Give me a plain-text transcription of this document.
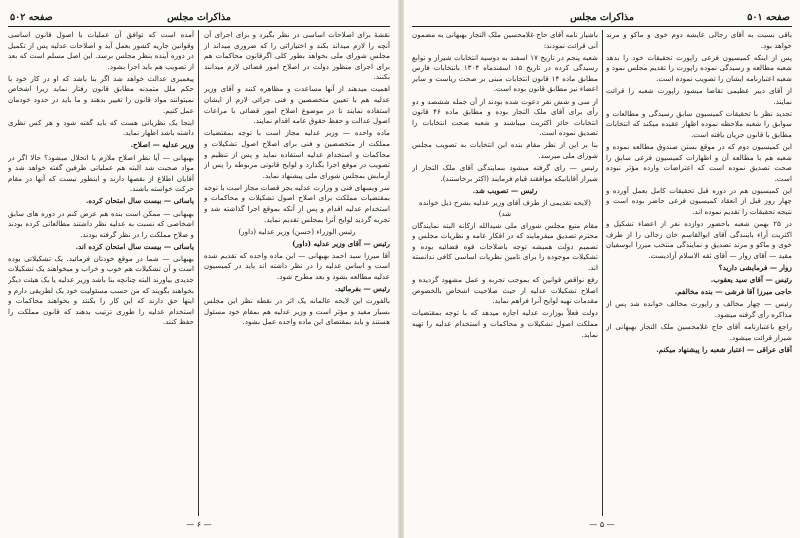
مذاکرات مجلس
صفحه ۵۰۲

نقشهٔ برای اصلاحات اساسی در نظر بگیرد و برای اجرای آن آنچه را لازم میداند بکند و اختیاراتی را که ضروری میداند از مجلس شورای ملی بخواهد بطور کلی اگرقانون محاکمات هم برای اجرای منظور دولت در اصلاح امور قضائی لازم میدانند بکنند.

اهمیت میدهند از آنها مساعدت و مظاهره کنند و آقای وزیر عدلیه هم با تعیین متخصصین و فنی جرائی لازم از ایشان استفاده نمایند تا در موضوع اصلاح امور قضائی با مراعات اصول عدالت و حفظ حقوق عامه اقدام نمایند.

ماده واحده — وزیر عدلیه مجاز است با توجه بمقتضیات مملکت از متخصصین و فنی برای اصلاح اصول تشکیلات و محاکمات و استخدام عدلیه استفاده نماید و پس از تنظیم و تصویب در موقع اجرا بگذارد و لوایح قانونی مربوطه را پس از آزمایش بمجلس شورای ملی پیشنهاد نماید.

سر ویسهای فنی و وزارت عدلیه بجز قضات مجاز است با توجه بمقتضیات مملکت برای اصلاح اصول تشکیلات و محاکمات و استخدام عدلیه اقدام و پس از آنکه بموقع اجرا گذاشته شد و تجربه گردید لوایح آنرا بمجلس تقدیم نماید.

رئیس الوزراء (حسن) وزیر عدلیه (داور)

رئیس — آقای وزیر عدلیه (داور)

آقا میرزا سید احمد بهبهانی — این ماده واحده که تقدیم شده است و اساس عدلیه را در نظر داشته اند باید در کمیسیون عدلیه مطالعه بشود و بعد مطرح شود.

رئیس — بفرمائید.

بالفورت این لایحه عالمانه یک اثر در نقطه نظر این مجلس بسیار مفید و مؤثر است و وزیر عدلیه هم بمقام خود مسئول هستند و باید بمقتضای این ماده واحده عمل بشود.

آمده است که توافق آن عملیات با اصول قانون اساسی وقوانین جاریه کشور بعمل آید و اصلاحات عدلیه پس از تکمیل در دوره آینده بنظر مجلس برسد. این اصل مسلم است که بعد از تصویب هم باید اجرا بشود.

پیغمبری عدالت خواهد شد اگر بنا باشد که او در کار خود با حکم ملل متمدنه مطابق قانون رفتار نماید زیرا اشخاص نمیتوانند مواد قانون را تغییر بدهند و ما باید در حدود خودمان عمل کنیم.

اینجا یک نظریاتی هست که باید گفته شود و هر کس نظری داشته باشد اظهار نماید.

وزیر عدلیه — اصلاح.

بهبهانی — آیا نظر اصلاح ملازم با انحلال میشود؟ حالا اگر در مواد صحبت شد البته هم عملیاتی طرفین گفته خواهد شد و آقایان اطلاع از نقصها دارند و اینطور نیست که آنها در مقام حرکت خواسته باشند.

یاسائی — بیست سال امتحان کرده.

بهبهانی — ممکن است بنده هم عرض کنم در دوره های سابق اشخاصی که نسبت به عدلیه نظر داشتند مطالعاتی کرده بودند و صلاح مملکت را در نظر گرفته بودند.

یاسائی — بیست سال امتحان کرده اند.

بهبهانی — شما در موقع خودتان فرمائید. یک تشکیلاتی بوده است و آن تشکیلات هم خوب و خراب و میخواهند یک تشکیلات جدیدی بیاورند البته چنانچه بنا باشد وزیر عدلیه یا یک هیئت دیگر بخواهند بگویند که من حسب مسئولیت خود یک لطریقی دارم و اینها حق دارند که این کار را بکنند و بخواهند محاکمات و استخدام عدلیه را طوری ترتیب بدهند که قانون مملکت را حفظ کنند.

— ۶ —
مذاکرات مجلس	صفحه ۵۰۱

باقی نسبت به آقای رجالی عایشه دوم خوی و ماکو و مرند خواهد بود.

پس از اینکه کمیسیون فرعی راپورت تحقیقات خود را بدهد شعبه مطالعه و رسیدگی نموده راپورت را تقدیم مجلس نمود و شعبه اعتبارنامه ایشان را تصویب نموده است.

از آقای دبیر عظیمی تقاضا میشود راپورت شعبه را قرائت نمایند.

تجدید نظر با تحقیقات کمیسیون سابق رسیدگی و مطالعات و سوابق را شعبه ملاحظه نموده اظهار عقیده میکند که انتخابات مطابق با قانون جریان یافته است.

این کمیسیون دوم که در موقع بستن صندوق مطالعه نموده و شعبه هم با مطالعه آن و اظهارات کمیسیون فرعی سابق را صحت تصدیق نموده است که اعتراضات وارده مؤثر نبوده است.

این کمیسیون هم در دوره قبل تحقیقات کامل بعمل آورده و چهار روز قبل از انعقاد کمیسیون فرعی حاضر بوده است و نتیجه تحقیقات را تقدیم نموده اند.

در ۲۵ بهمن شعبه باحضور دوازده نفر از اعضاء تشکیل و اکثریت آراء باینندگی آقای ابوالقاسم خان رجالی را از طرف خوی و ماکو و مرند تصدیق و نمایندگی منتخب میرزا ابوسفیان مقید — آقای زوار — آقای ثقه الاسلام آزادیست.

زوار — فرمایشی دارید؟

رئیس — آقای سید یعقوب.

حاجی میرزا آقا فرشی — بنده مخالفم.

رئیس — چهار مخالف و راپورت مخالف خوانده شد پس از مذاکره رأی گرفته میشود.

راجع باعتبارنامه آقای حاج غلامحسین ملک التجار بهبهانی از شیراز قرائت میشود.

آقای عراقی — اعتبار شعبه را پیشنهاد میکنم.

باشیار نامه آقای حاج غلامحسین ملک التجار بهبهانی به مضمون آنی قرائت نمودند:

شعبه پنجم در تاریخ ۱۷ اسفند به دوسیه انتخابات شیراز و توابع رسیدگی کرده در تاریخ ۱۵ اسفندماه ۱۳۰۴ بانتخابات فارس مطابق ماده ۱۴ قانون انتخابات مبنی بر صحت ریاست و سایر اعضاء نیز مطابق قانون بوده است.

از سی و شش نفر دعوت شده بودند از آن جمله ششصد و دو رأی برای آقای ملک التجار بوده و مطابق ماده ۴۶ قانون انتخابات حائز اکثریت میباشند و شعبه صحت انتخابات را تصدیق نموده است.

بنا بر این از نظر مقام بنده این انتخابات به تصویب مجلس شورای ملی میرسد.

رئیس — رای گرفته میشود بنمایندگی آقای ملک التجار از شیراز آقایانیکه موافقند قیام فرمایند (اکثر برخاستند).

رئیس — تصویب شد.

(لایحه تقدیمی از طرف آقای وزیر عدلیه بشرح ذیل خوانده شد)

مقام منیع مجلس شورای ملی شیدالله ارکانه البته نمایندگان محترم تصدیق میفرمایند که در افکار عامه و نظریات مجلس و تصمیم دولت همیشه توجه باصلاحات قوه قضائیه بوده و تشکیلات موجوده را برای تامین نظریات اساسی کافی ندانسته اند.

رفع نواقص قوانین که بموجب تجربه و عمل مشهود گردیده و اصلاح تشکیلات عدلیه از حیث صلاحیت اشخاص بالخصوص مقدمات تهیه لوایح آنرا فراهم نماید.

دولت فعلاً بوزارت عدلیه اجازه میدهد که با توجه بمقتضیات مملکت اصول تشکیلات و محاکمات و استخدام عدلیه را تهیه نماید.

— ۵ —
